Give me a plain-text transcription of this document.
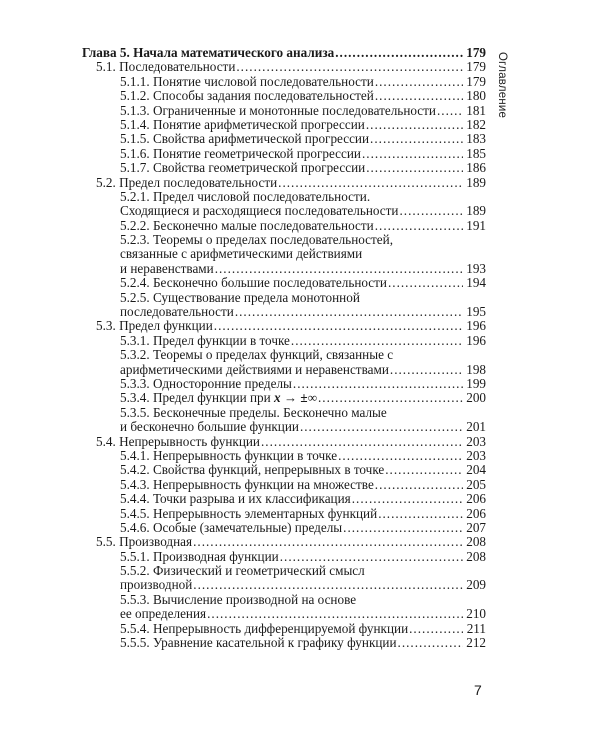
Глава 5. Начала математического анализа .....	179
5.1. Последовательности .....	179
5.1.1. Понятие числовой последовательности .....	179
5.1.2. Способы задания последовательностей .....	180
5.1.3. Ограниченные и монотонные последовательности ..... 181
5.1.4. Понятие арифметической прогрессии .....	182
5.1.5. Свойства арифметической прогрессии .....	183
5.1.6. Понятие геометрической прогрессии .....	185
5.1.7. Свойства геометрической прогрессии .....	186
5.2. Предел последовательности .....	189
5.2.1. Предел числовой последовательности.
Сходящиеся и расходящиеся последовательности .....	189
5.2.2. Бесконечно малые последовательности .....	191
5.2.3. Теоремы о пределах последовательностей,
связанные с арифметическими действиями
и неравенствами .....	193
5.2.4. Бесконечно большие последовательности .....	194
5.2.5. Существование предела монотонной
последовательности .....	195
5.3. Предел функции .....	196
5.3.1. Предел функции в точке .....	196
5.3.2. Теоремы о пределах функций, связанные с
арифметическими действиями и неравенствами .....	198
5.3.3. Односторонние пределы .....	199
5.3.4. Предел функции при x → ±∞ .....	200
5.3.5. Бесконечные пределы. Бесконечно малые
и бесконечно большие функции .....	201
5.4. Непрерывность функции .....	203
5.4.1. Непрерывность функции в точке .....	203
5.4.2. Свойства функций, непрерывных в точке .....	204
5.4.3. Непрерывность функции на множестве .....	205
5.4.4. Точки разрыва и их классификация .....	206
5.4.5. Непрерывность элементарных функций .....	206
5.4.6. Особые (замечательные) пределы .....	207
5.5. Производная .....	208
5.5.1. Производная функции .....	208
5.5.2. Физический и геометрический смысл
производной .....	209
5.5.3. Вычисление производной на основе
ее определения .....	210
5.5.4. Непрерывность дифференцируемой функции .....	211
5.5.5. Уравнение касательной к графику функции .....	212
Оглавление
7
